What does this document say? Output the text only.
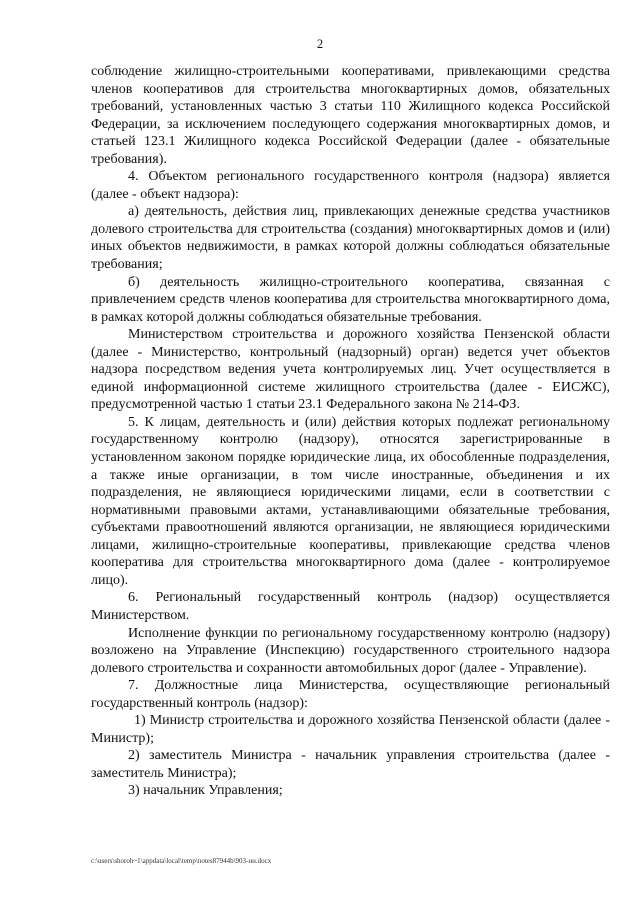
2

соблюдение жилищно-строительными кооперативами, привлекающими средства членов кооперативов для строительства многоквартирных домов, обязательных требований, установленных частью 3 статьи 110 Жилищного кодекса Российской Федерации, за исключением последующего содержания многоквартирных домов, и статьей 123.1 Жилищного кодекса Российской Федерации (далее - обязательные требования).

4. Объектом регионального государственного контроля (надзора) является (далее - объект надзора):

а) деятельность, действия лиц, привлекающих денежные средства участников долевого строительства для строительства (создания) многоквартирных домов и (или) иных объектов недвижимости, в рамках которой должны соблюдаться обязательные требования;

б) деятельность жилищно-строительного кооператива, связанная с привлечением средств членов кооператива для строительства многоквартирного дома, в рамках которой должны соблюдаться обязательные требования.

Министерством строительства и дорожного хозяйства Пензенской области (далее - Министерство, контрольный (надзорный) орган) ведется учет объектов надзора посредством ведения учета контролируемых лиц. Учет осуществляется в единой информационной системе жилищного строительства (далее - ЕИСЖС), предусмотренной частью 1 статьи 23.1 Федерального закона № 214-ФЗ.

5. К лицам, деятельность и (или) действия которых подлежат региональному государственному контролю (надзору), относятся зарегистрированные в установленном законом порядке юридические лица, их обособленные подразделения, а также иные организации, в том числе иностранные, объединения и их подразделения, не являющиеся юридическими лицами, если в соответствии с нормативными правовыми актами, устанавливающими обязательные требования, субъектами правоотношений являются организации, не являющиеся юридическими лицами, жилищно-строительные кооперативы, привлекающие средства членов кооператива для строительства многоквартирного дома (далее - контролируемое лицо).

6. Региональный государственный контроль (надзор) осуществляется Министерством.

Исполнение функции по региональному государственному контролю (надзору) возложено на Управление (Инспекцию) государственного строительного надзора долевого строительства и сохранности автомобильных дорог (далее - Управление).

7. Должностные лица Министерства, осуществляющие региональный государственный контроль (надзор):

1) Министр строительства и дорожного хозяйства Пензенской области (далее - Министр);

2) заместитель Министра - начальник управления строительства (далее - заместитель Министра);

3) начальник Управления;

c:\users\shoroh~1\appdata\local\temp\notes87944b\903-ин.docx
